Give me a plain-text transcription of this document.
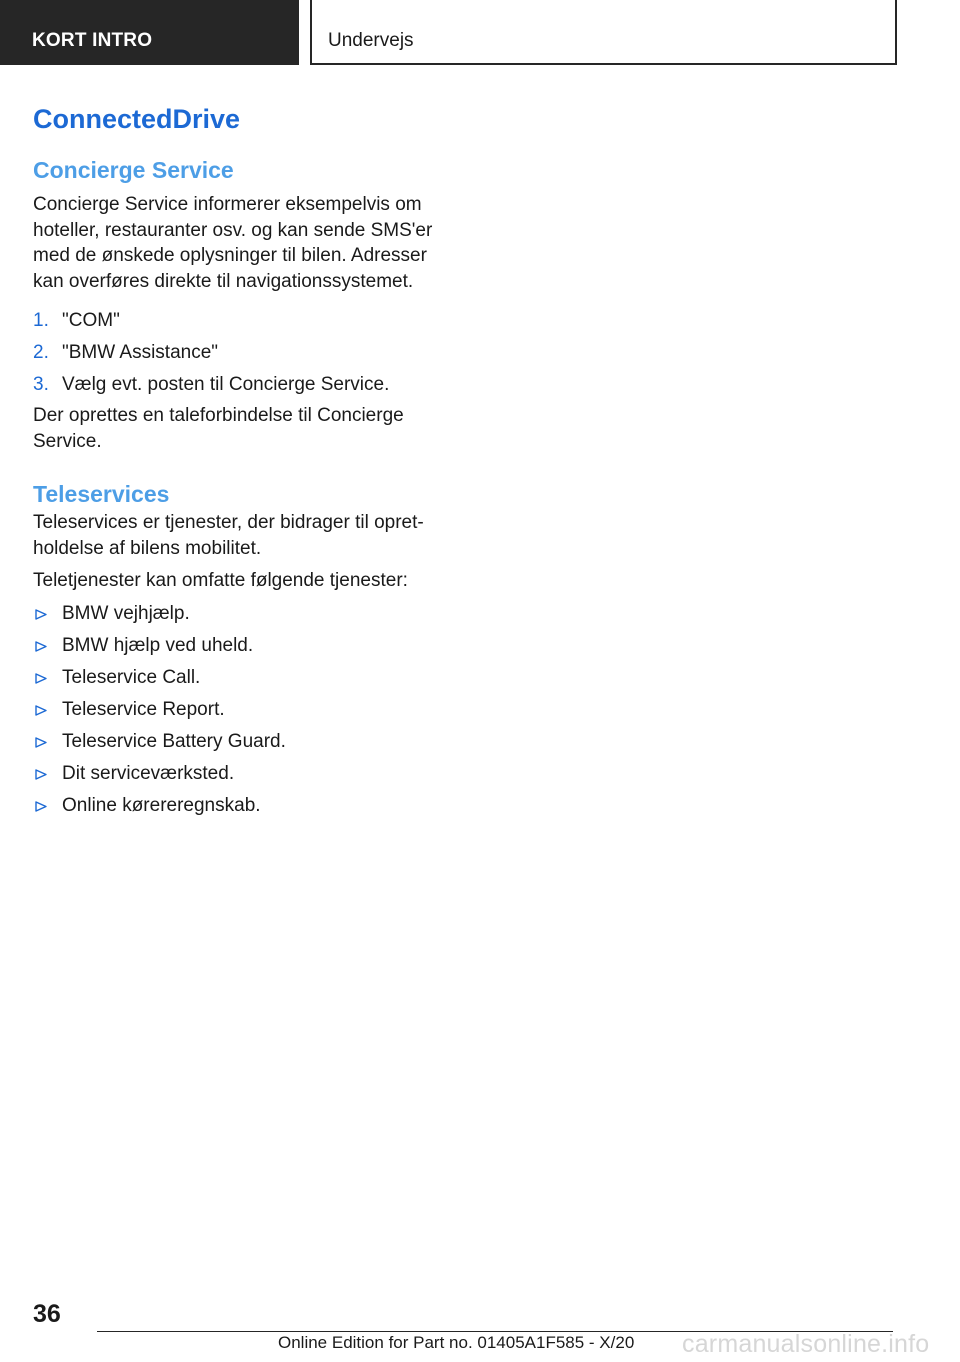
KORT INTRO	Undervejs
ConnectedDrive
Concierge Service

Concierge Service informerer eksempelvis om hoteller, restauranter osv. og kan sende SMS'er med de ønskede oplysninger til bilen. Adresser kan overføres direkte til navigationssystemet.

1. "COM"
2. "BMW Assistance"
3. Vælg evt. posten til Concierge Service.

Der oprettes en taleforbindelse til Concierge Service.

Teleservices

Teleservices er tjenester, der bidrager til opret‐holdelse af bilens mobilitet.

Teletjenester kan omfatte følgende tjenester:

BMW vejhjælp.
BMW hjælp ved uheld.
Teleservice Call.
Teleservice Report.
Teleservice Battery Guard.
Dit serviceværksted.
Online kørereregnskab.
36
Online Edition for Part no. 01405A1F585 - X/20 carmanualsonline.info
